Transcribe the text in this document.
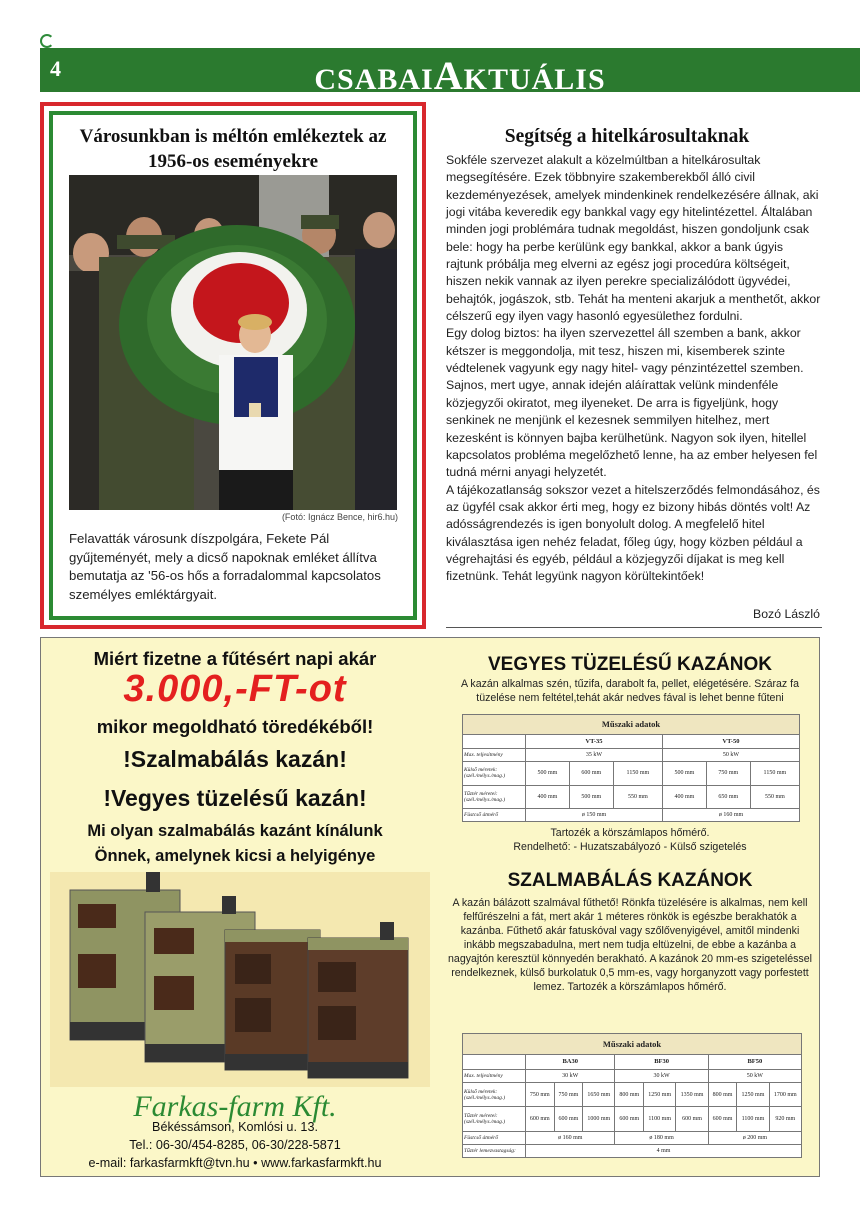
4	CSABAIAKTUÁLIS
Városunkban is méltón emlékeztek az 1956-os eseményekre
(Fotó: Ignácz Bence, hir6.hu)
Felavatták városunk díszpolgára, Fekete Pál gyűjteményét, mely a dicső napoknak emléket állítva bemutatja az '56-os hős a forradalommal kapcsolatos személyes emléktárgyait.
Segítség a hitelkárosultaknak

Sokféle szervezet alakult a közelmúltban a hitelkárosultak megsegítésére. Ezek többnyire szakemberekből álló civil kezdeményezések, amelyek mindenkinek rendelkezésére állnak, aki jogi vitába keveredik egy bankkal vagy egy hitelintézettel. Általában minden jogi problémára tudnak megoldást, hiszen gondoljunk csak bele: hogy ha perbe kerülünk egy bankkal, akkor a bank úgyis rajtunk próbálja meg elverni az egész jogi procedúra költségeit, hiszen nekik vannak az ilyen perekre specializálódott ügyvédei, behajtók, jogászok, stb. Tehát ha menteni akarjuk a menthetőt, akkor célszerű egy ilyen vagy hasonló egyesülethez fordulni.

Egy dolog biztos: ha ilyen szervezettel áll szemben a bank, akkor kétszer is meggondolja, mit tesz, hiszen mi, kisemberek szinte védtelenek vagyunk egy nagy hitel- vagy pénzintézettel szemben. Sajnos, mert ugye, annak idején aláírattak velünk mindenféle közjegyzői okiratot, meg ilyeneket. De arra is figyeljünk, hogy senkinek ne menjünk el kezesnek semmilyen hitelhez, mert kezesként is könnyen bajba kerülhetünk. Nagyon sok ilyen, hitellel kapcsolatos probléma megelőzhető lenne, ha az ember helyesen fel tudná mérni anyagi helyzetét.

A tájékozatlanság sokszor vezet a hitelszerződés felmondásához, és az ügyfél csak akkor érti meg, hogy ez bizony hibás döntés volt! Az adósságrendezés is igen bonyolult dolog. A megfelelő hitel kiválasztása igen nehéz feladat, főleg úgy, hogy közben például a végrehajtási és egyéb, például a közjegyzői díjakat is meg kell fizetnünk. Tehát legyünk nagyon körültekintőek!

Bozó László
Miért fizetne a fűtésért napi akár
3.000,-FT-ot
mikor megoldható töredékéből!
!Szalmabálás kazán!
!Vegyes tüzelésű kazán!
Mi olyan szalmabálás kazánt kínálunk
Önnek, amelynek kicsi a helyigénye
Farkas-farm Kft.
Békéssámson, Komlósi u. 13.
Tel.: 06-30/454-8285, 06-30/228-5871
e-mail: farkasfarmkft@tvn.hu • www.farkasfarmkft.hu
VEGYES TÜZELÉSŰ KAZÁNOK
A kazán alkalmas szén, tűzifa, darabolt fa, pellet, elégetésére. Száraz fa tüzelése nem feltétel,tehát akár nedves fával is lehet benne fűteni
Műszaki adatok						
	VT-35			VT-50		
Max. teljesítmény	35 kW			50 kW		
Külső méretek: (szél./mélys./mag.)	500 mm	600 mm	1150 mm	500 mm	750 mm	1150 mm
Tűztér méretei: (szél./mélys./mag.)	400 mm	500 mm	550 mm	400 mm	650 mm	550 mm
Füstcső átmérő	ø 150 mm			ø 160 mm		
Tartozék a körszámlapos hőmérő.
Rendelhető: - Huzatszabályozó - Külső szigetelés
SZALMABÁLÁS KAZÁNOK
A kazán bálázott szalmával fűthető! Rönkfa tüzelésére is alkalmas, nem kell felfűrészelni a fát, mert akár 1 méteres rönkök is egészbe berakhatók a kazánba. Fűthető akár fatuskóval vagy szőlővenyigével, amitől mindenki inkább megszabadulna, mert nem tudja eltüzelni, de ebbe a kazánba a nagyajtón keresztül könnyedén berakható. A kazánok 20 mm-es szigeteléssel rendelkeznek, külső burkolatuk 0,5 mm-es, vagy horganyzott vagy porfestett lemez. Tartozék a körszámlapos hőmérő.
Műszaki adatok									
	BA30			BF30			BF50		
Max. teljesítmény	30 kW			30 kW			50 kW		
Külső méretek: (szél./mélys./mag.)	750 mm	750 mm	1650 mm	800 mm	1250 mm	1350 mm	800 mm	1250 mm	1700 mm
Tűztér méretei: (szél./mélys./mag.)	600 mm	600 mm	1000 mm	600 mm	1100 mm	600 mm	600 mm	1100 mm	920 mm
Füstcső átmérő	ø 160 mm			ø 180 mm			ø 200 mm		
Tűztér lemezvastagság:	4 mm								
